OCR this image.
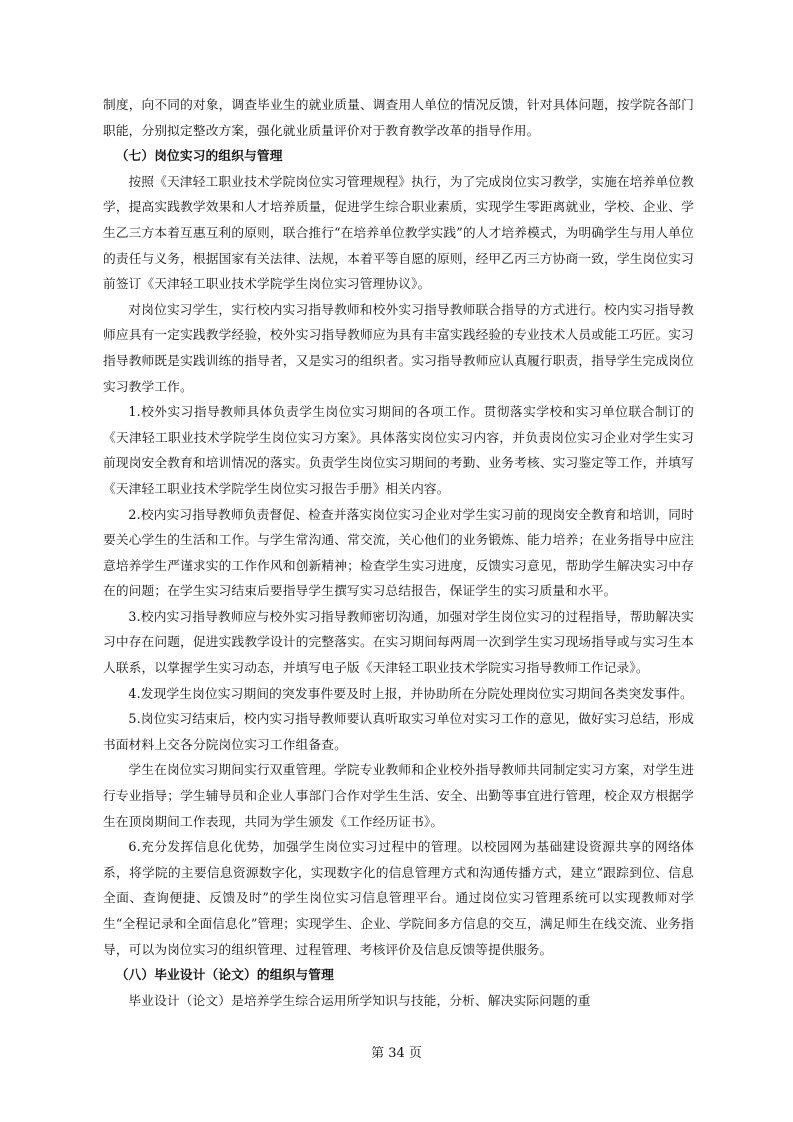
制度，向不同的对象，调查毕业生的就业质量、调查用人单位的情况反馈，针对具体问题，按学院各部门职能，分别拟定整改方案，强化就业质量评价对于教育教学改革的指导作用。

（七）岗位实习的组织与管理

按照《天津轻工职业技术学院岗位实习管理规程》执行，为了完成岗位实习教学，实施在培养单位教学，提高实践教学效果和人才培养质量，促进学生综合职业素质，实现学生零距离就业，学校、企业、学生乙三方本着互惠互利的原则，联合推行“在培养单位教学实践”的人才培养模式，为明确学生与用人单位的责任与义务，根据国家有关法律、法规，本着平等自愿的原则，经甲乙丙三方协商一致，学生岗位实习前签订《天津轻工职业技术学院学生岗位实习管理协议》。

对岗位实习学生，实行校内实习指导教师和校外实习指导教师联合指导的方式进行。校内实习指导教师应具有一定实践教学经验，校外实习指导教师应为具有丰富实践经验的专业技术人员或能工巧匠。实习指导教师既是实践训练的指导者，又是实习的组织者。实习指导教师应认真履行职责，指导学生完成岗位实习教学工作。

1.校外实习指导教师具体负责学生岗位实习期间的各项工作。贯彻落实学校和实习单位联合制订的《天津轻工职业技术学院学生岗位实习方案》。具体落实岗位实习内容，并负责岗位实习企业对学生实习前现岗安全教育和培训情况的落实。负责学生岗位实习期间的考勤、业务考核、实习鉴定等工作，并填写《天津轻工职业技术学院学生岗位实习报告手册》相关内容。

2.校内实习指导教师负责督促、检查并落实岗位实习企业对学生实习前的现岗安全教育和培训，同时要关心学生的生活和工作。与学生常沟通、常交流，关心他们的业务锻炼、能力培养；在业务指导中应注意培养学生严谨求实的工作作风和创新精神；检查学生实习进度，反馈实习意见，帮助学生解决实习中存在的问题；在学生实习结束后要指导学生撰写实习总结报告，保证学生的实习质量和水平。

3.校内实习指导教师应与校外实习指导教师密切沟通，加强对学生岗位实习的过程指导，帮助解决实习中存在问题，促进实践教学设计的完整落实。在实习期间每两周一次到学生实习现场指导或与实习生本人联系，以掌握学生实习动态，并填写电子版《天津轻工职业技术学院实习指导教师工作记录》。

4.发现学生岗位实习期间的突发事件要及时上报，并协助所在分院处理岗位实习期间各类突发事件。

5.岗位实习结束后，校内实习指导教师要认真听取实习单位对实习工作的意见，做好实习总结，形成书面材料上交各分院岗位实习工作组备查。

学生在岗位实习期间实行双重管理。学院专业教师和企业校外指导教师共同制定实习方案，对学生进行专业指导；学生辅导员和企业人事部门合作对学生生活、安全、出勤等事宜进行管理，校企双方根据学生在顶岗期间工作表现，共同为学生颁发《工作经历证书》。

6.充分发挥信息化优势，加强学生岗位实习过程中的管理。以校园网为基础建设资源共享的网络体系，将学院的主要信息资源数字化，实现数字化的信息管理方式和沟通传播方式，建立“跟踪到位、信息全面、查询便捷、反馈及时”的学生岗位实习信息管理平台。通过岗位实习管理系统可以实现教师对学生“全程记录和全面信息化”管理；实现学生、企业、学院间多方信息的交互，满足师生在线交流、业务指导，可以为岗位实习的组织管理、过程管理、考核评价及信息反馈等提供服务。

（八）毕业设计（论文）的组织与管理

毕业设计（论文）是培养学生综合运用所学知识与技能，分析、解决实际问题的重

第 34 页
